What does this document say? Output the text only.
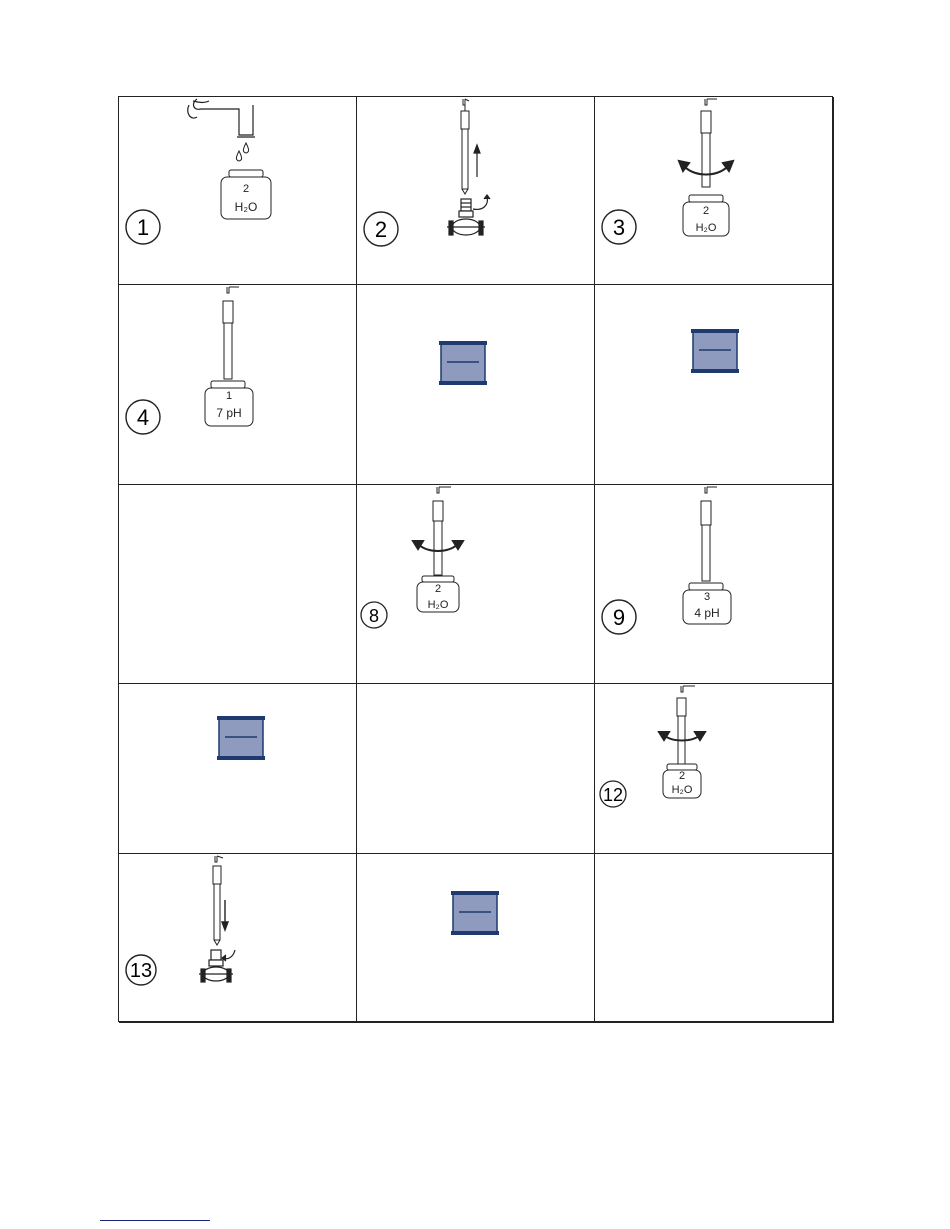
2
H₂O
1	2
2
H₂O
3
1
7 pH
4
2
H₂O
8
3
4 pH
9
2
H₂O
12
13
